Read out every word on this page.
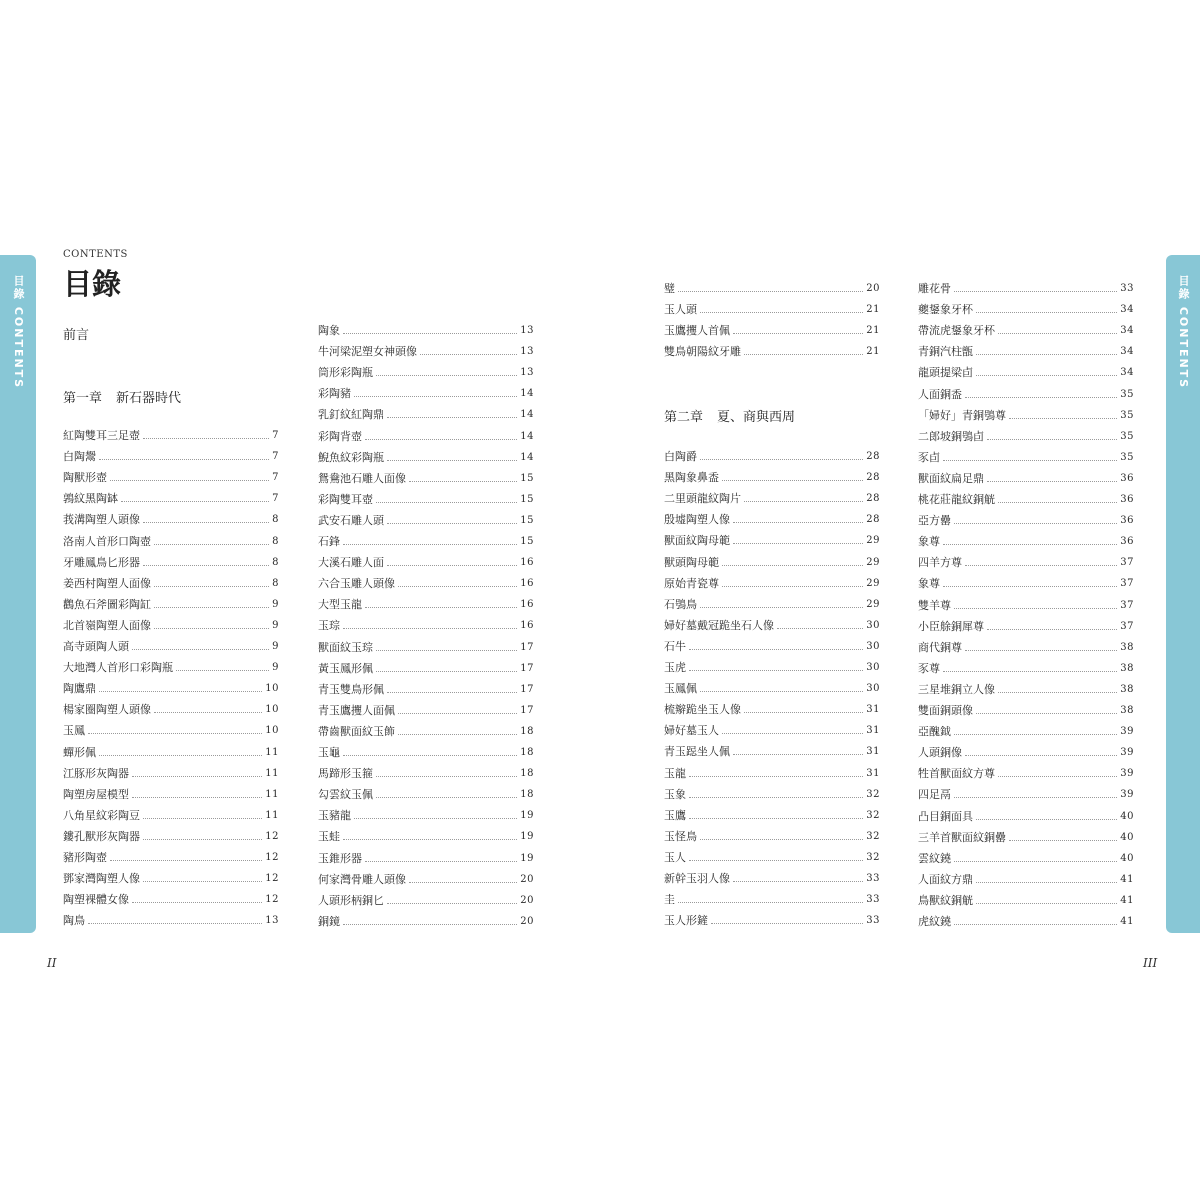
目錄 CONTENTS	目錄 CONTENTS
CONTENTS
目錄
前言
第一章 新石器時代
第二章 夏、商與西周
紅陶雙耳三足壺	7
白陶鬶	7
陶獸形壺	7
鶉紋黑陶缽	7
莪溝陶塑人頭像	8
洛南人首形口陶壺	8
牙雕鳳鳥匕形器	8
姜西村陶塑人面像	8
鸛魚石斧圖彩陶缸	9
北首嶺陶塑人面像	9
高寺頭陶人頭	9
大地灣人首形口彩陶瓶	9
陶鷹鼎	10
楊家圈陶塑人頭像	10
玉鳳	10
蟬形佩	11
江豚形灰陶器	11
陶塑房屋模型	11
八角星紋彩陶豆	11
鏤孔獸形灰陶器	12
豬形陶壺	12
鄧家灣陶塑人像	12
陶塑裸體女像	12
陶鳥	13
陶象	13
牛河梁泥塑女神頭像	13
筒形彩陶瓶	13
彩陶豬	14
乳釘紋紅陶鼎	14
彩陶背壺	14
鯢魚紋彩陶瓶	14
鴛鴦池石雕人面像	15
彩陶雙耳壺	15
武安石雕人頭	15
石鋒	15
大溪石雕人面	16
六合玉雕人頭像	16
大型玉龍	16
玉琮	16
獸面紋玉琮	17
黃玉鳳形佩	17
青玉雙鳥形佩	17
青玉鷹攫人面佩	17
帶齒獸面紋玉飾	18
玉龜	18
馬蹄形玉箍	18
勾雲紋玉佩	18
玉豬龍	19
玉蛙	19
玉錐形器	19
何家灣骨雕人頭像	20
人頭形柄銅匕	20
銅鏡	20
璧	20
玉人頭	21
玉鷹攫人首佩	21
雙鳥朝陽紋牙雕	21
白陶爵	28
黑陶象鼻盉	28
二里頭龍紋陶片	28
殷墟陶塑人像	28
獸面紋陶母範	29
獸頭陶母範	29
原始青瓷尊	29
石鴞鳥	29
婦好墓戴冠跪坐石人像	30
石牛	30
玉虎	30
玉鳳佩	30
梳辮跪坐玉人像	31
婦好墓玉人	31
青玉跽坐人佩	31
玉龍	31
玉象	32
玉鷹	32
玉怪鳥	32
玉人	32
新幹玉羽人像	33
圭	33
玉人形鏟	33
雕花骨	33
夔鋬象牙杯	34
帶流虎鋬象牙杯	34
青銅汽柱甑	34
龍頭提梁卣	34
人面銅盉	35
「婦好」青銅鴞尊	35
二郎坡銅鴞卣	35
豕卣	35
獸面紋扁足鼎	36
桃花莊龍紋銅觥	36
亞方罍	36
象尊	36
四羊方尊	37
象尊	37
雙羊尊	37
小臣艅銅犀尊	37
商代銅尊	38
豕尊	38
三星堆銅立人像	38
雙面銅頭像	38
亞醜鉞	39
人頭銅像	39
牲首獸面紋方尊	39
四足鬲	39
凸目銅面具	40
三羊首獸面紋銅罍	40
雲紋鐃	40
人面紋方鼎	41
鳥獸紋銅觥	41
虎紋鐃	41
II	III
